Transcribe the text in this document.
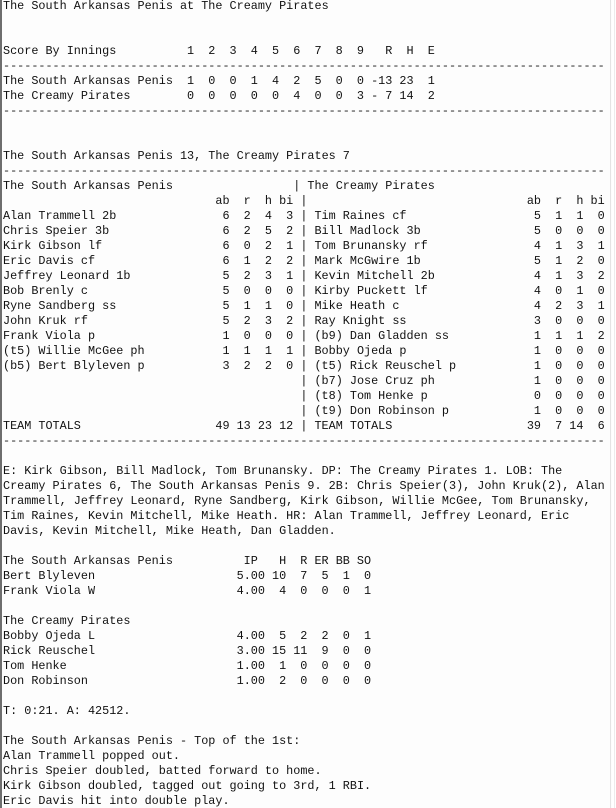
The South Arkansas Penis at The Creamy Pirates
Score By Innings	1	2	3	4	5	6	7	8	9	R	H	E
-------------------------------------------------------------------------------------
The South Arkansas Penis	1	0	0	1	4	2	5	0	0 -13 23	1
The Creamy Pirates	0	0	0	0	0	4	0	0	3 - 7 14	2
-------------------------------------------------------------------------------------
The South Arkansas Penis 13, The Creamy Pirates 7
-------------------------------------------------------------------------------------
The South Arkansas Penis	| The Creamy Pirates
ab	r	h bi |	ab	r	h bi
Alan Trammell 2b	6	2	4	3 | Tim Raines cf	5	1	1	0
Chris Speier 3b	6	2	5	2 | Bill Madlock 3b	5	0	0	0
Kirk Gibson lf	6	0	2	1 | Tom Brunansky rf	4	1	3	1
Eric Davis cf	6	1	2	2 | Mark McGwire 1b	5	1	2	0
Jeffrey Leonard 1b	5	2	3	1 | Kevin Mitchell 2b	4	1	3	2
Bob Brenly c	5	0	0	0 | Kirby Puckett lf	4	0	1	0
Ryne Sandberg ss	5	1	1	0 | Mike Heath c	4	2	3	1
John Kruk rf	5	2	3	2 | Ray Knight ss	3	0	0	0
Frank Viola p	1	0	0	0 | (b9) Dan Gladden ss	1	1	1	2
(t5) Willie McGee ph	1	1	1	1 | Bobby Ojeda p	1	0	0	0
(b5) Bert Blyleven p	3	2	2	0 | (t5) Rick Reuschel p	1	0	0	0
| (b7) Jose Cruz ph	1	0	0	0
| (t8) Tom Henke p	0	0	0	0
| (t9) Don Robinson p	1	0	0	0
TEAM TOTALS	49 13 23 12 | TEAM TOTALS	39	7 14	6
-------------------------------------------------------------------------------------
E: Kirk Gibson, Bill Madlock, Tom Brunansky. DP: The Creamy Pirates 1. LOB: The
Creamy Pirates 6, The South Arkansas Penis 9. 2B: Chris Speier(3), John Kruk(2), Alan
Trammell, Jeffrey Leonard, Ryne Sandberg, Kirk Gibson, Willie McGee, Tom Brunansky,
Tim Raines, Kevin Mitchell, Mike Heath. HR: Alan Trammell, Jeffrey Leonard, Eric
Davis, Kevin Mitchell, Mike Heath, Dan Gladden.
The South Arkansas Penis	IP	H	R ER BB SO
Bert Blyleven	5.00 10	7	5	1	0
Frank Viola W	4.00	4	0	0	0	1
The Creamy Pirates
Bobby Ojeda L	4.00	5	2	2	0	1
Rick Reuschel	3.00 15 11	9	0	0
Tom Henke	1.00	1	0	0	0	0
Don Robinson	1.00	2	0	0	0	0
T: 0:21. A: 42512.
The South Arkansas Penis - Top of the 1st:
Alan Trammell popped out.
Chris Speier doubled, batted forward to home.
Kirk Gibson doubled, tagged out going to 3rd, 1 RBI.
Eric Davis hit into double play.
